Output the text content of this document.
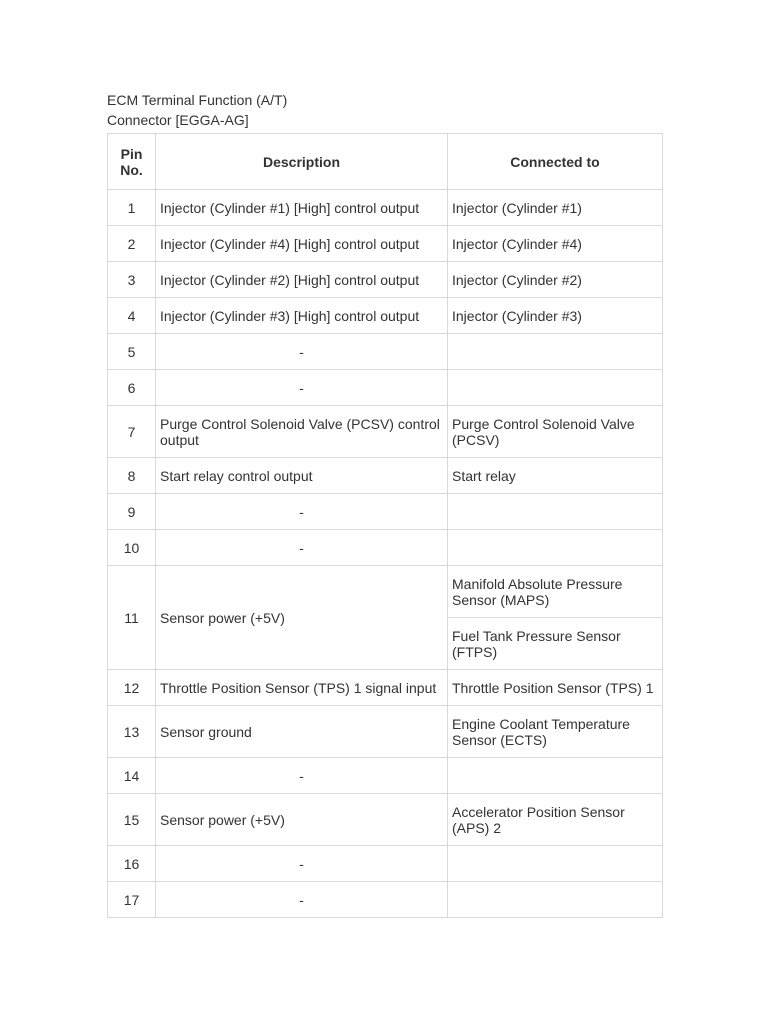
ECM Terminal Function (A/T)

Connector [EGGA-AG]

Pin No.	Description	Connected to
1	Injector (Cylinder #1) [High] control output	Injector (Cylinder #1)
2	Injector (Cylinder #4) [High] control output	Injector (Cylinder #4)
3	Injector (Cylinder #2) [High] control output	Injector (Cylinder #2)
4	Injector (Cylinder #3) [High] control output	Injector (Cylinder #3)
5	-	
6	-	
7	Purge Control Solenoid Valve (PCSV) control output	Purge Control Solenoid Valve (PCSV)
8	Start relay control output	Start relay
9	-	
10	-	
11	Sensor power (+5V)	Manifold Absolute Pressure Sensor (MAPS)
		Fuel Tank Pressure Sensor (FTPS)
12	Throttle Position Sensor (TPS) 1 signal input	Throttle Position Sensor (TPS) 1
13	Sensor ground	Engine Coolant Temperature Sensor (ECTS)
14	-	
15	Sensor power (+5V)	Accelerator Position Sensor (APS) 2
16	-	
17	-	
